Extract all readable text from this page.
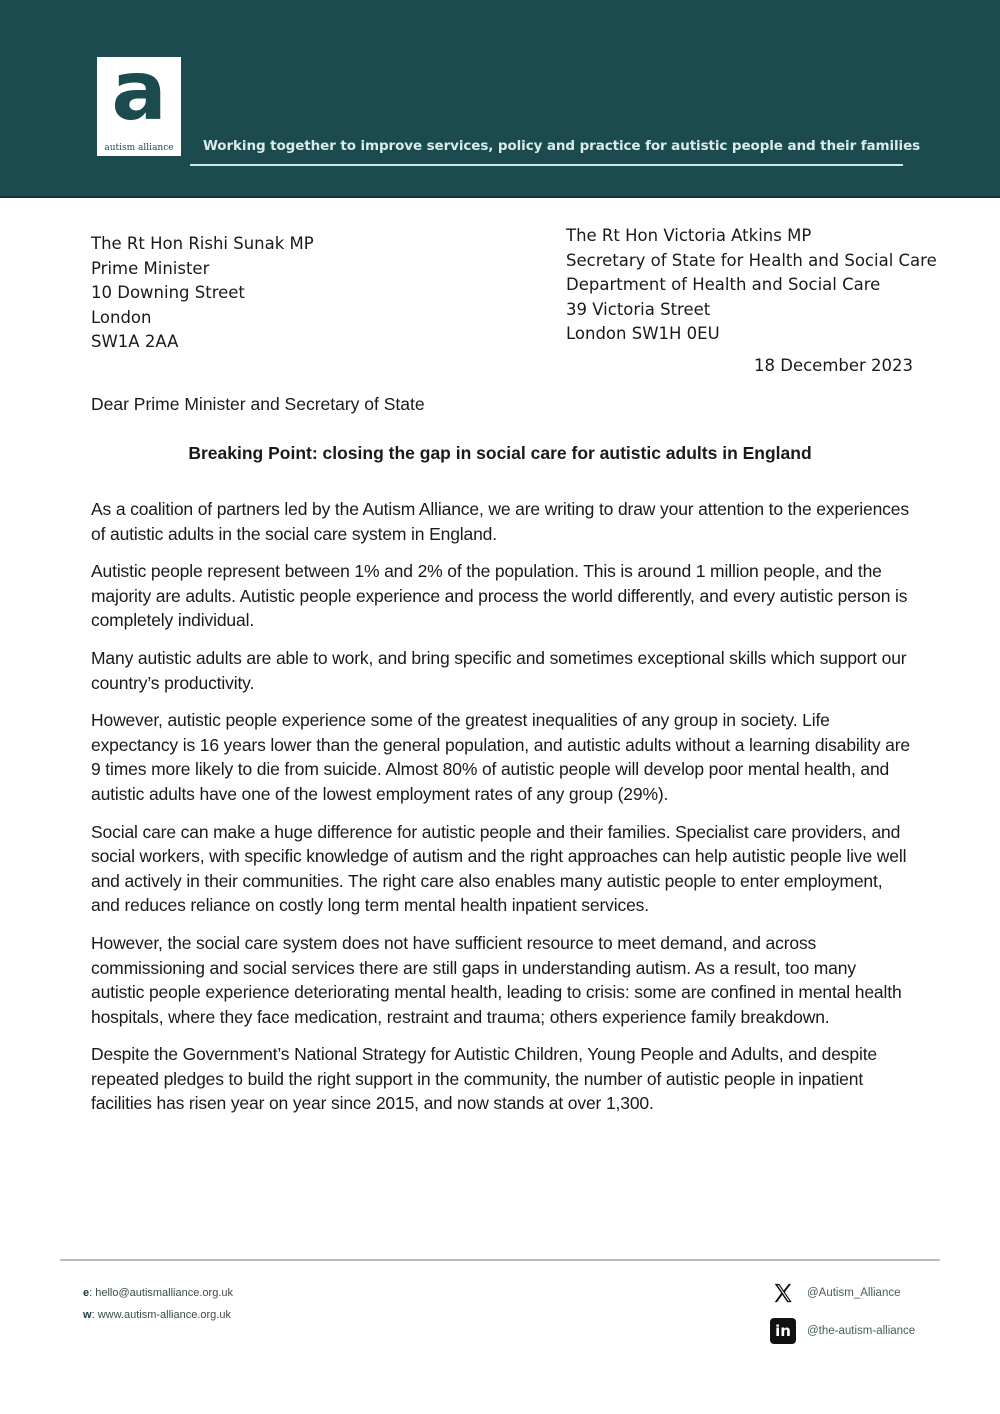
a
autism alliance	Working together to improve services, policy and practice for autistic people and their families
The Rt Hon Rishi Sunak MP
Prime Minister
10 Downing Street
London
SW1A 2AA
The Rt Hon Victoria Atkins MP
Secretary of State for Health and Social Care
Department of Health and Social Care
39 Victoria Street
London SW1H 0EU
18 December 2023
Dear Prime Minister and Secretary of State
Breaking Point: closing the gap in social care for autistic adults in England

As a coalition of partners led by the Autism Alliance, we are writing to draw your attention to the experiences of autistic adults in the social care system in England.

Autistic people represent between 1% and 2% of the population. This is around 1 million people, and the majority are adults. Autistic people experience and process the world differently, and every autistic person is completely individual.

Many autistic adults are able to work, and bring specific and sometimes exceptional skills which support our country’s productivity.

However, autistic people experience some of the greatest inequalities of any group in society. Life expectancy is 16 years lower than the general population, and autistic adults without a learning disability are 9 times more likely to die from suicide. Almost 80% of autistic people will develop poor mental health, and autistic adults have one of the lowest employment rates of any group (29%).

Social care can make a huge difference for autistic people and their families. Specialist care providers, and social workers, with specific knowledge of autism and the right approaches can help autistic people live well and actively in their communities. The right care also enables many autistic people to enter employment, and reduces reliance on costly long term mental health inpatient services.

However, the social care system does not have sufficient resource to meet demand, and across commissioning and social services there are still gaps in understanding autism. As a result, too many autistic people experience deteriorating mental health, leading to crisis: some are confined in mental health hospitals, where they face medication, restraint and trauma; others experience family breakdown.

Despite the Government’s National Strategy for Autistic Children, Young People and Adults, and despite repeated pledges to build the right support in the community, the number of autistic people in inpatient facilities has risen year on year since 2015, and now stands at over 1,300.

e: hello@autismalliance.org.uk
w: www.autism-alliance.org.uk
@Autism_Alliance
in	@the-autism-alliance
